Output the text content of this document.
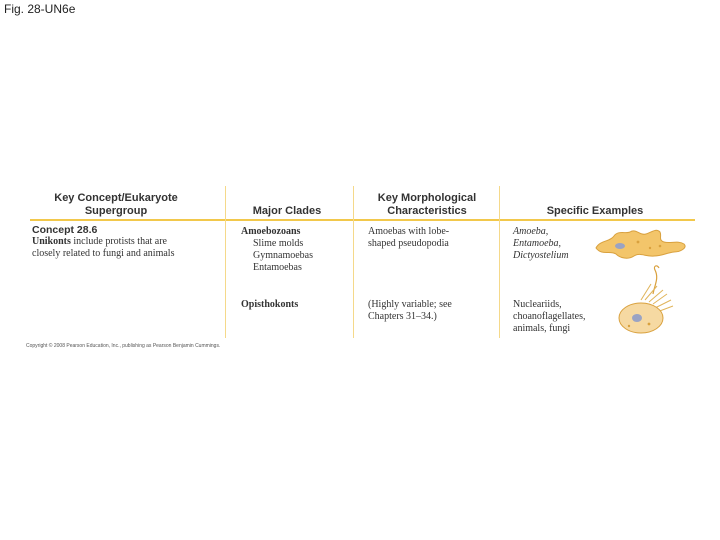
Fig. 28-UN6e
Key Concept/Eukaryote
Supergroup	Major Clades
Key Morphological
Characteristics	Specific Examples
Concept 28.6
Unikonts include protists that are
closely related to fungi and animals
Amoebozoans
Slime molds
Gymnamoebas
Entamoebas
Opisthokonts
Amoebas with lobe-
shaped pseudopodia
(Highly variable; see
Chapters 31–34.)
Amoeba,
Entamoeba,
Dictyostelium
Nucleariids,
choanoflagellates,
animals, fungi
Copyright © 2008 Pearson Education, Inc., publishing as Pearson Benjamin Cummings.
